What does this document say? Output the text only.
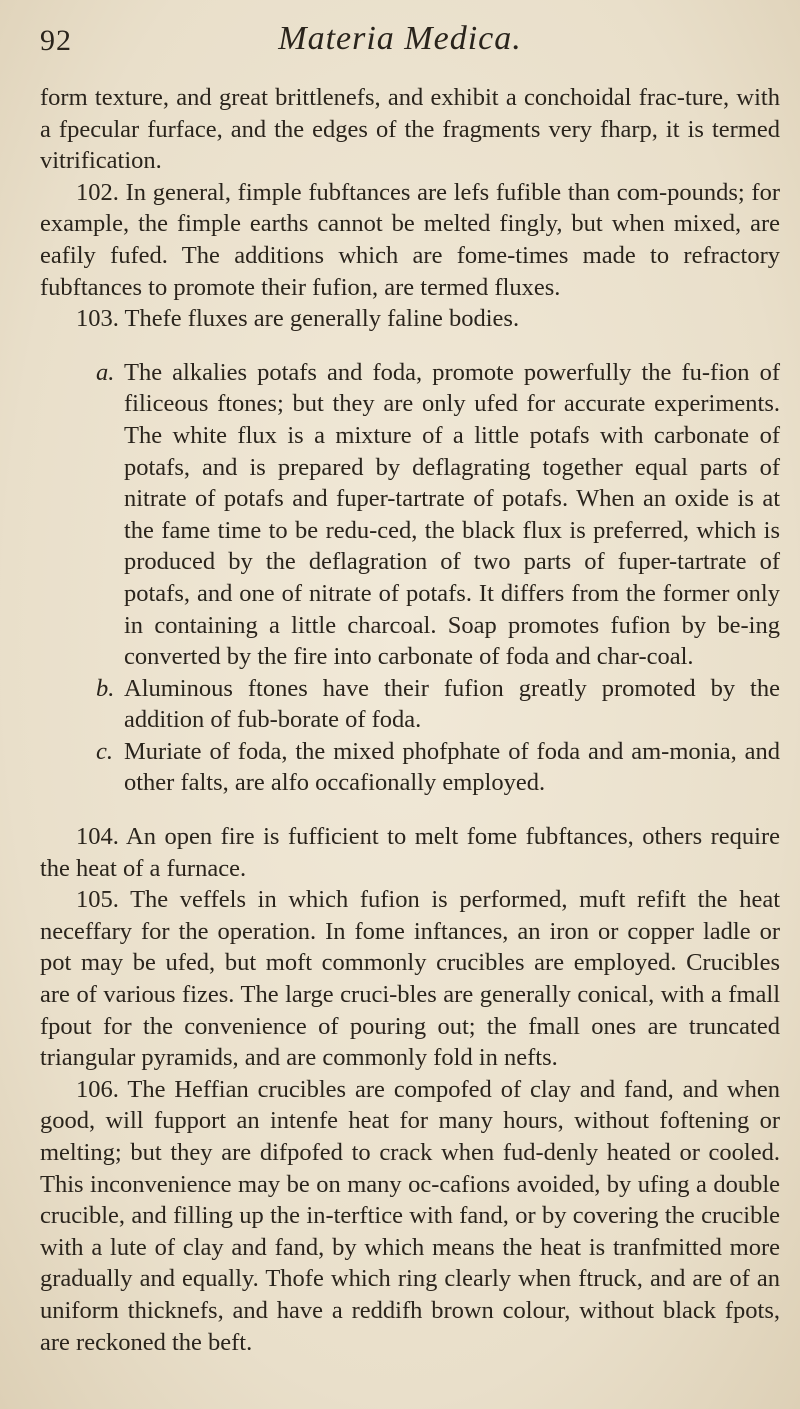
92	Materia Medica.

form texture, and great brittlenefs, and exhibit a conchoidal frac-ture, with a fpecular furface, and the edges of the fragments very fharp, it is termed vitrification.

102. In general, fimple fubftances are lefs fufible than com-pounds; for example, the fimple earths cannot be melted fingly, but when mixed, are eafily fufed. The additions which are fome-times made to refractory fubftances to promote their fufion, are termed fluxes.

103. Thefe fluxes are generally faline bodies.

a. The alkalies potafs and foda, promote powerfully the fu-fion of filiceous ftones; but they are only ufed for accurate experiments. The white flux is a mixture of a little potafs with carbonate of potafs, and is prepared by deflagrating together equal parts of nitrate of potafs and fuper-tartrate of potafs. When an oxide is at the fame time to be redu-ced, the black flux is preferred, which is produced by the deflagration of two parts of fuper-tartrate of potafs, and one of nitrate of potafs. It differs from the former only in containing a little charcoal. Soap promotes fufion by be-ing converted by the fire into carbonate of foda and char-coal.
b. Aluminous ftones have their fufion greatly promoted by the addition of fub-borate of foda.
c. Muriate of foda, the mixed phofphate of foda and am-monia, and other falts, are alfo occafionally employed.

104. An open fire is fufficient to melt fome fubftances, others require the heat of a furnace.

105. The veffels in which fufion is performed, muft refift the heat neceffary for the operation. In fome inftances, an iron or copper ladle or pot may be ufed, but moft commonly crucibles are employed. Crucibles are of various fizes. The large cruci-bles are generally conical, with a fmall fpout for the convenience of pouring out; the fmall ones are truncated triangular pyramids, and are commonly fold in nefts.

106. The Heffian crucibles are compofed of clay and fand, and when good, will fupport an intenfe heat for many hours, without foftening or melting; but they are difpofed to crack when fud-denly heated or cooled. This inconvenience may be on many oc-cafions avoided, by ufing a double crucible, and filling up the in-terftice with fand, or by covering the crucible with a lute of clay and fand, by which means the heat is tranfmitted more gradually and equally. Thofe which ring clearly when ftruck, and are of an uniform thicknefs, and have a reddifh brown colour, without black fpots, are reckoned the beft.
